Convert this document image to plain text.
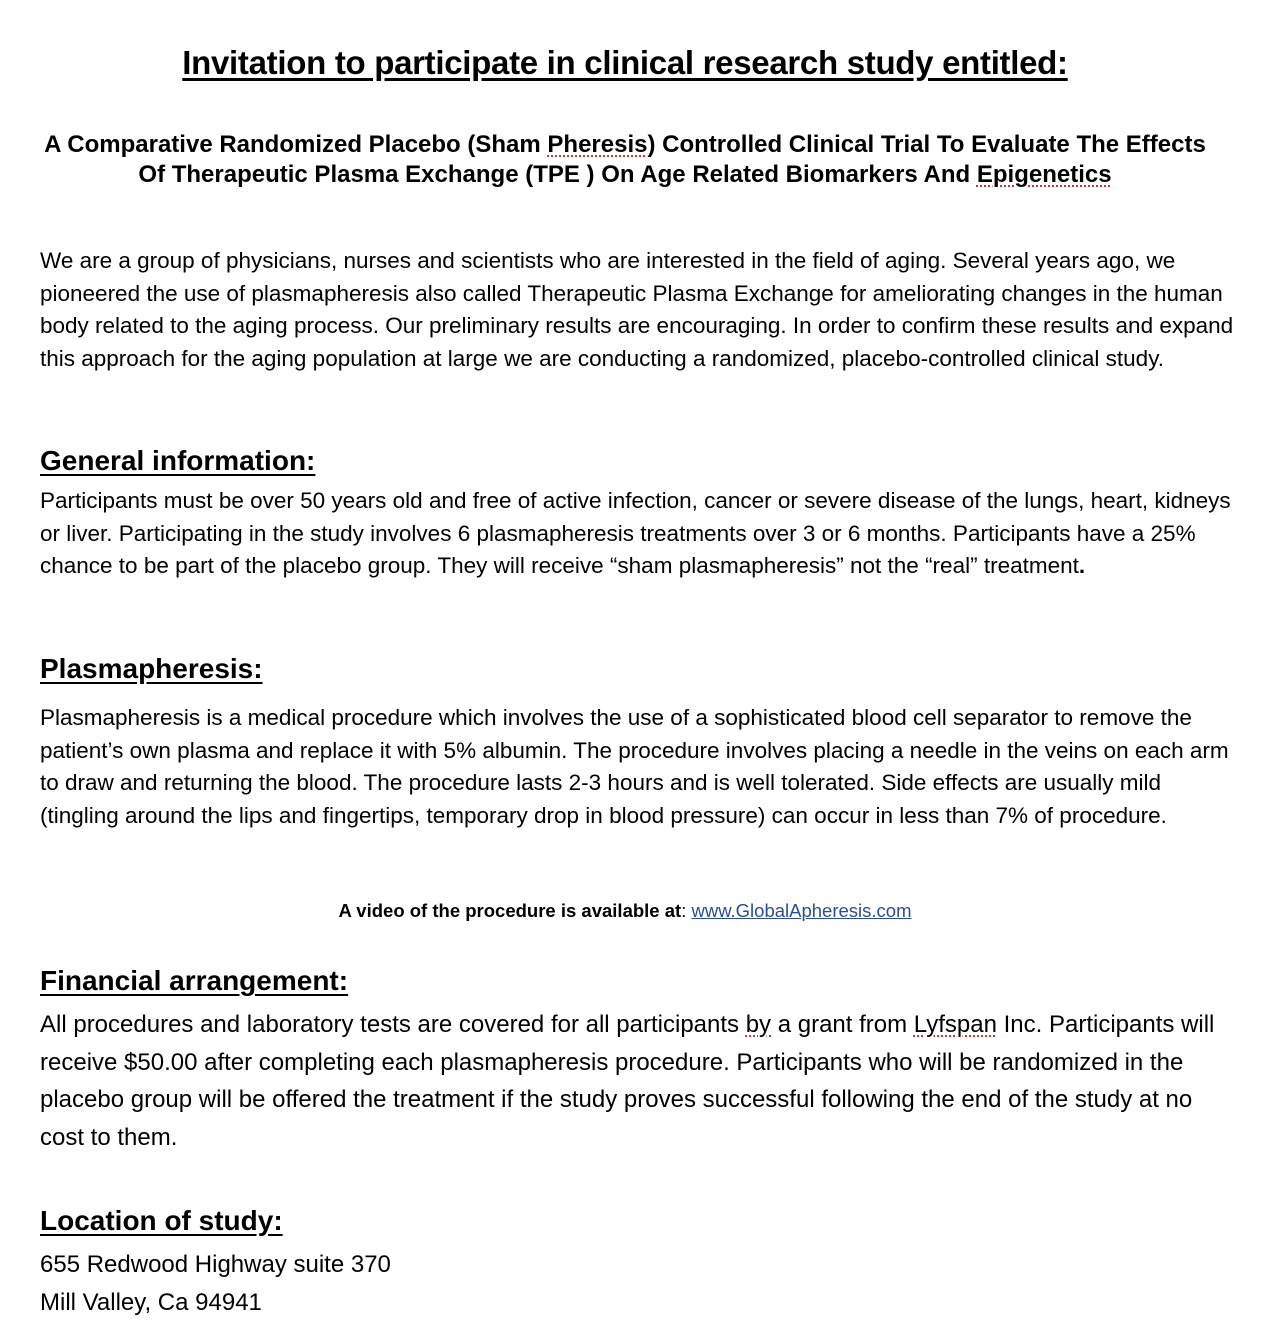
Invitation to participate in clinical research study entitled:
A Comparative Randomized Placebo (Sham Pheresis) Controlled Clinical Trial To Evaluate The Effects Of Therapeutic Plasma Exchange (TPE ) On Age Related Biomarkers And Epigenetics

We are a group of physicians, nurses and scientists who are interested in the field of aging. Several years ago, we pioneered the use of plasmapheresis also called Therapeutic Plasma Exchange for ameliorating changes in the human body related to the aging process. Our preliminary results are encouraging. In order to confirm these results and expand this approach for the aging population at large we are conducting a randomized, placebo-controlled clinical study.

General information:

Participants must be over 50 years old and free of active infection, cancer or severe disease of the lungs, heart, kidneys or liver. Participating in the study involves 6 plasmapheresis treatments over 3 or 6 months. Participants have a 25% chance to be part of the placebo group. They will receive “sham plasmapheresis” not the “real” treatment.

Plasmapheresis:

Plasmapheresis is a medical procedure which involves the use of a sophisticated blood cell separator to remove the patient’s own plasma and replace it with 5% albumin. The procedure involves placing a needle in the veins on each arm to draw and returning the blood. The procedure lasts 2-3 hours and is well tolerated. Side effects are usually mild (tingling around the lips and fingertips, temporary drop in blood pressure) can occur in less than 7% of procedure.

A video of the procedure is available at: www.GlobalApheresis.com

Financial arrangement:

All procedures and laboratory tests are covered for all participants by a grant from Lyfspan Inc. Participants will receive $50.00 after completing each plasmapheresis procedure. Participants who will be randomized in the placebo group will be offered the treatment if the study proves successful following the end of the study at no cost to them.

Location of study:

655 Redwood Highway suite 370
Mill Valley, Ca 94941
